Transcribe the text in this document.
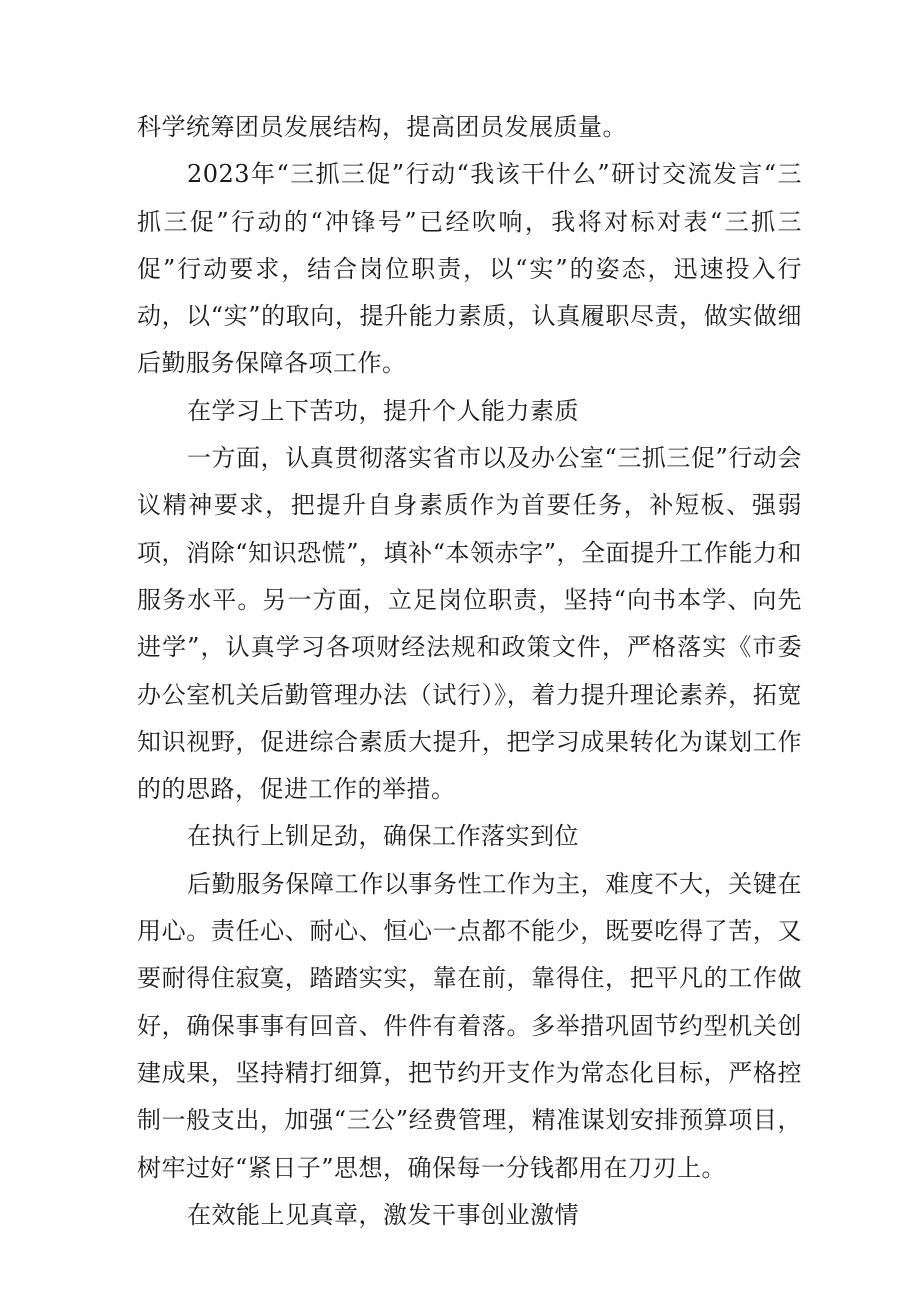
科学统筹团员发展结构，提高团员发展质量。

2023年“三抓三促”行动“我该干什么”研讨交流发言“三抓三促”行动的“冲锋号”已经吹响，我将对标对表“三抓三促”行动要求，结合岗位职责，以“实”的姿态，迅速投入行动，以“实”的取向，提升能力素质，认真履职尽责，做实做细后勤服务保障各项工作。

在学习上下苦功，提升个人能力素质

一方面，认真贯彻落实省市以及办公室“三抓三促”行动会议精神要求，把提升自身素质作为首要任务，补短板、强弱项，消除“知识恐慌”，填补“本领赤字”，全面提升工作能力和服务水平。另一方面，立足岗位职责，坚持“向书本学、向先进学”，认真学习各项财经法规和政策文件，严格落实《市委办公室机关后勤管理办法（试行）》，着力提升理论素养，拓宽知识视野，促进综合素质大提升，把学习成果转化为谋划工作的的思路，促进工作的举措。

在执行上钏足劲，确保工作落实到位

后勤服务保障工作以事务性工作为主，难度不大，关键在用心。责任心、耐心、恒心一点都不能少，既要吃得了苦，又要耐得住寂寞，踏踏实实，靠在前，靠得住，把平凡的工作做好，确保事事有回音、件件有着落。多举措巩固节约型机关创建成果，坚持精打细算，把节约开支作为常态化目标，严格控制一般支出，加强“三公”经费管理，精准谋划安排预算项目，树牢过好“紧日子”思想，确保每一分钱都用在刀刃上。

在效能上见真章，激发干事创业激情
